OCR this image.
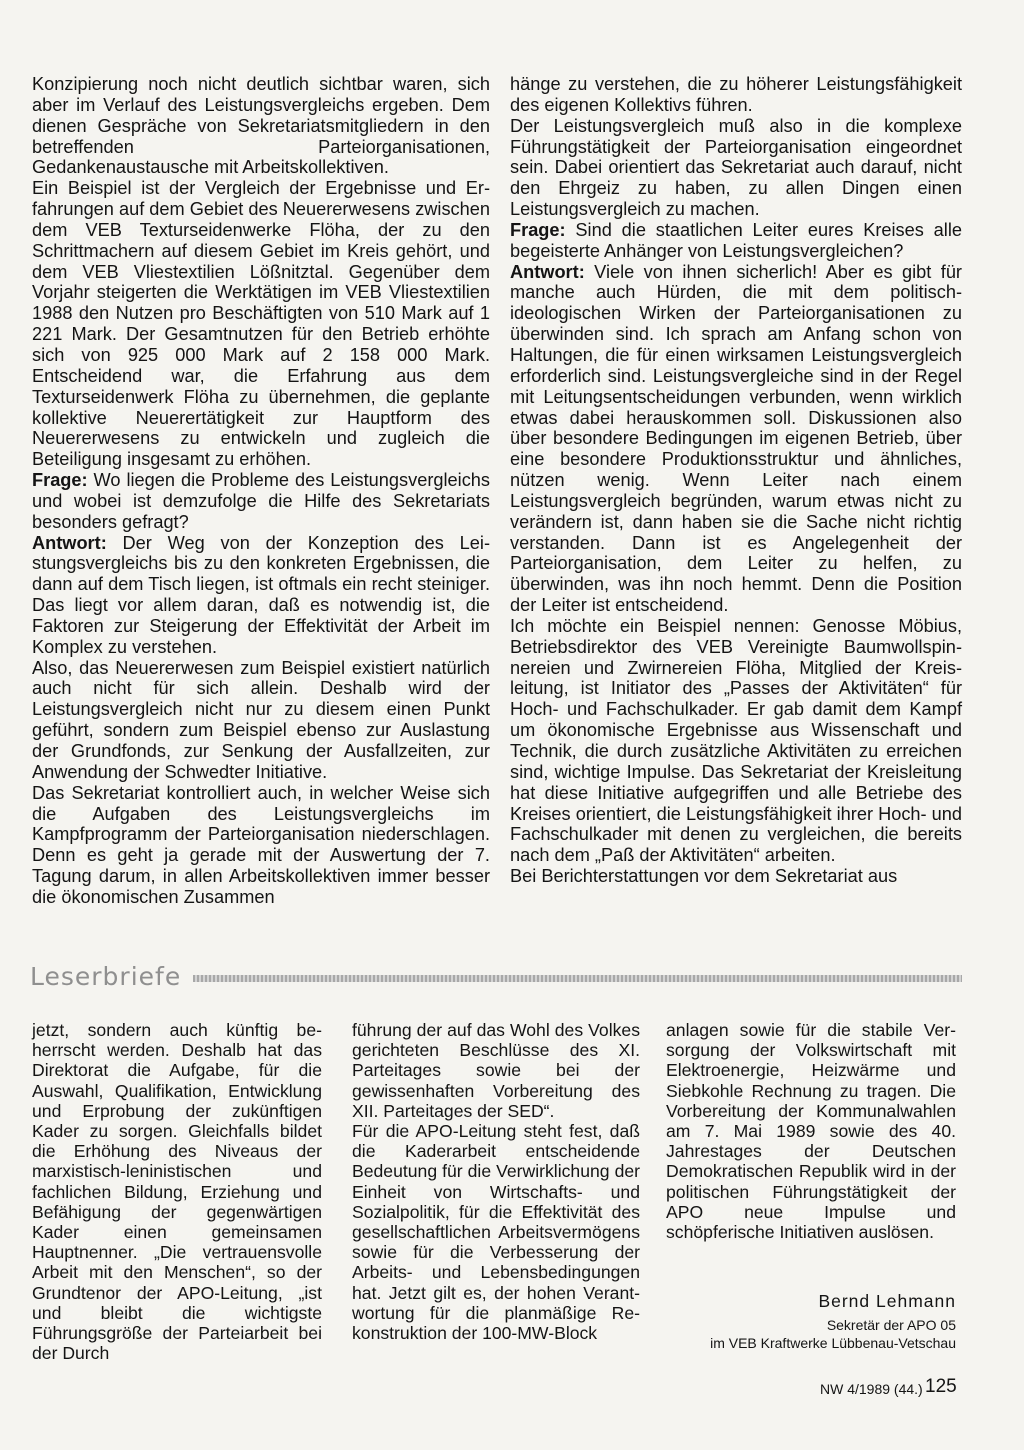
Konzipierung noch nicht deutlich sichtbar waren, sich aber im Verlauf des Leistungsvergleichs ergeben. Dem dienen Gespräche von Sekretariatsmitgliedern in den betreffenden Parteiorganisationen, Gedankenaustausche mit Arbeitskollektiven.

Ein Beispiel ist der Vergleich der Ergebnisse und Erfahrungen auf dem Gebiet des Neuererwesens zwischen dem VEB Texturseidenwerke Flöha, der zu den Schrittmachern auf diesem Gebiet im Kreis gehört, und dem VEB Vliestextilien Lößnitztal. Gegenüber dem Vorjahr steigerten die Werktätigen im VEB Vliestextilien 1988 den Nutzen pro Beschäftigten von 510 Mark auf 1 221 Mark. Der Gesamtnutzen für den Betrieb erhöhte sich von 925 000 Mark auf 2 158 000 Mark. Entscheidend war, die Erfahrung aus dem Texturseidenwerk Flöha zu übernehmen, die geplante kollektive Neuerertätigkeit zur Hauptform des Neuererwesens zu entwickeln und zugleich die Beteiligung insgesamt zu erhöhen.

Frage: Wo liegen die Probleme des Leistungsvergleichs und wobei ist demzufolge die Hilfe des Sekretariats besonders gefragt?

Antwort: Der Weg von der Konzeption des Leistungsvergleichs bis zu den konkreten Ergebnissen, die dann auf dem Tisch liegen, ist oftmals ein recht steiniger. Das liegt vor allem daran, daß es notwendig ist, die Faktoren zur Steigerung der Effektivität der Arbeit im Komplex zu verstehen.

Also, das Neuererwesen zum Beispiel existiert natürlich auch nicht für sich allein. Deshalb wird der Leistungsvergleich nicht nur zu diesem einen Punkt geführt, sondern zum Beispiel ebenso zur Auslastung der Grundfonds, zur Senkung der Ausfallzeiten, zur Anwendung der Schwedter Initiative.

Das Sekretariat kontrolliert auch, in welcher Weise sich die Aufgaben des Leistungsvergleichs im Kampfprogramm der Parteiorganisation niederschlagen. Denn es geht ja gerade mit der Auswertung der 7. Tagung darum, in allen Arbeitskollektiven immer besser die ökonomischen Zusammen

hänge zu verstehen, die zu höherer Leistungsfähigkeit des eigenen Kollektivs führen.

Der Leistungsvergleich muß also in die komplexe Führungstätigkeit der Parteiorganisation eingeordnet sein. Dabei orientiert das Sekretariat auch darauf, nicht den Ehrgeiz zu haben, zu allen Dingen einen Leistungsvergleich zu machen.

Frage: Sind die staatlichen Leiter eures Kreises alle begeisterte Anhänger von Leistungsvergleichen?

Antwort: Viele von ihnen sicherlich! Aber es gibt für manche auch Hürden, die mit dem politisch-ideologischen Wirken der Parteiorganisationen zu überwinden sind. Ich sprach am Anfang schon von Haltungen, die für einen wirksamen Leistungsvergleich erforderlich sind. Leistungsvergleiche sind in der Regel mit Leitungsentscheidungen verbunden, wenn wirklich etwas dabei herauskommen soll. Diskussionen also über besondere Bedingungen im eigenen Betrieb, über eine besondere Produktionsstruktur und ähnliches, nützen wenig. Wenn Leiter nach einem Leistungsvergleich begründen, warum etwas nicht zu verändern ist, dann haben sie die Sache nicht richtig verstanden. Dann ist es Angelegenheit der Parteiorganisation, dem Leiter zu helfen, zu überwinden, was ihn noch hemmt. Denn die Position der Leiter ist entscheidend.

Ich möchte ein Beispiel nennen: Genosse Möbius, Betriebsdirektor des VEB Vereinigte Baumwollspinnereien und Zwirnereien Flöha, Mitglied der Kreisleitung, ist Initiator des „Passes der Aktivitäten“ für Hoch- und Fachschulkader. Er gab damit dem Kampf um ökonomische Ergebnisse aus Wissenschaft und Technik, die durch zusätzliche Aktivitäten zu erreichen sind, wichtige Impulse. Das Sekretariat der Kreisleitung hat diese Initiative aufgegriffen und alle Betriebe des Kreises orientiert, die Leistungsfähigkeit ihrer Hoch- und Fachschulkader mit denen zu vergleichen, die bereits nach dem „Paß der Aktivitäten“ arbeiten.

Bei Berichterstattungen vor dem Sekretariat aus

Leserbriefe

jetzt, sondern auch künftig beherrscht werden. Deshalb hat das Direktorat die Aufgabe, für die Auswahl, Qualifikation, Entwicklung und Erprobung der zukünftigen Kader zu sorgen. Gleichfalls bildet die Erhöhung des Niveaus der marxistisch-leninistischen und fachlichen Bildung, Erziehung und Befähigung der gegenwärtigen Kader einen gemeinsamen Hauptnenner. „Die vertrauensvolle Arbeit mit den Menschen“, so der Grundtenor der APO-Leitung, „ist und bleibt die wichtigste Führungsgröße der Parteiarbeit bei der Durch

führung der auf das Wohl des Volkes gerichteten Beschlüsse des XI. Parteitages sowie bei der gewissenhaften Vorbereitung des XII. Parteitages der SED“.

Für die APO-Leitung steht fest, daß die Kaderarbeit entscheidende Bedeutung für die Verwirklichung der Einheit von Wirtschafts- und Sozialpolitik, für die Effektivität des gesellschaftlichen Arbeitsvermögens sowie für die Verbesserung der Arbeits- und Lebensbedingungen hat. Jetzt gilt es, der hohen Verantwortung für die planmäßige Rekonstruktion der 100-MW-Block

anlagen sowie für die stabile Versorgung der Volkswirtschaft mit Elektroenergie, Heizwärme und Siebkohle Rechnung zu tragen. Die Vorbereitung der Kommunalwahlen am 7. Mai 1989 sowie des 40. Jahrestages der Deutschen Demokratischen Republik wird in der politischen Führungstätigkeit der APO neue Impulse und schöpferische Initiativen auslösen.

Bernd Lehmann
Sekretär der APO 05
im VEB Kraftwerke Lübbenau-Vetschau
NW 4/1989 (44.) 125
